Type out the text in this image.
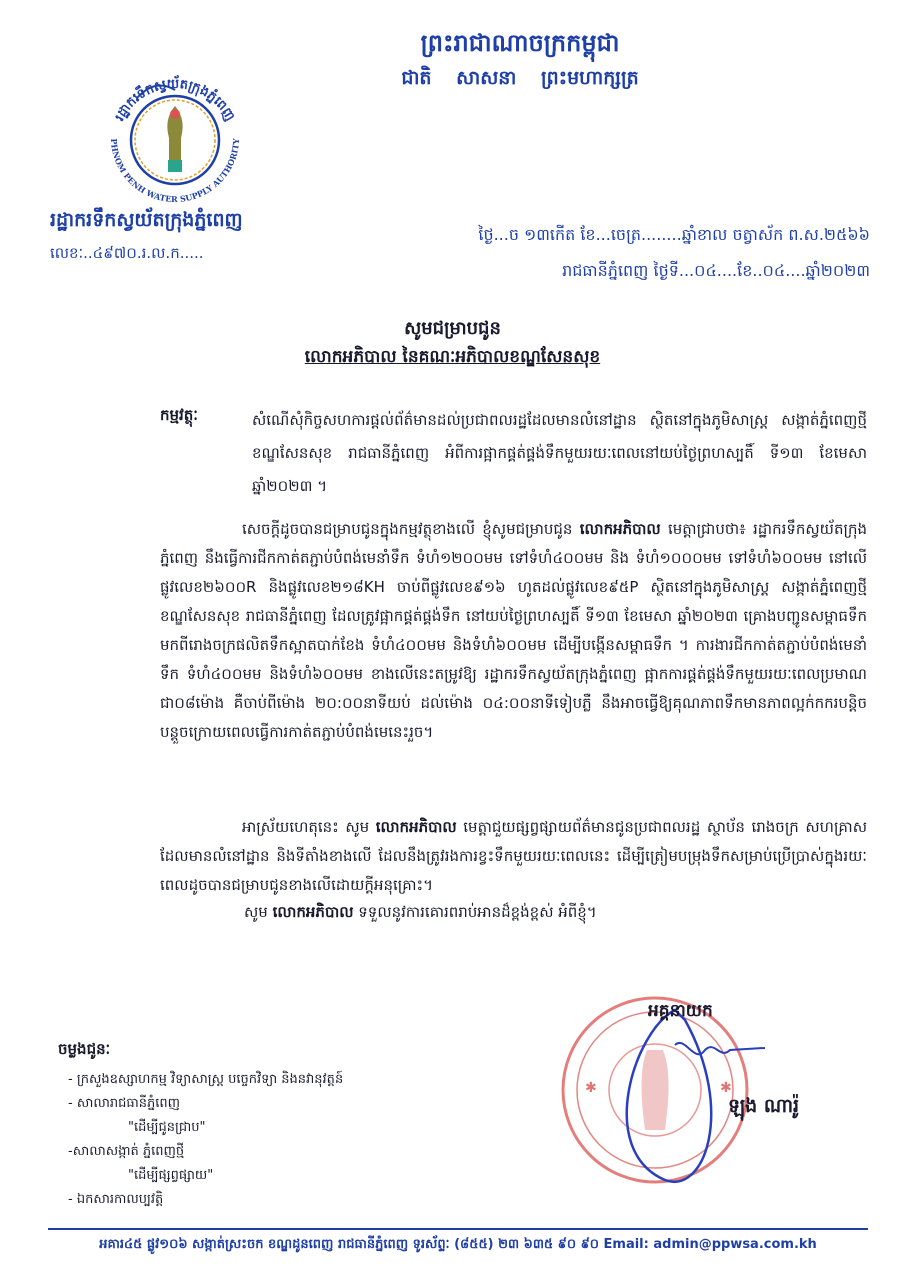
ព្រះរាជាណាចក្រកម្ពុជា
ជាតិ សាសនា ព្រះមហាក្សត្រ
រដ្ឋាករទឹកស្វយ័តក្រុងភ្នំពេញ
PHNOM PENH WATER SUPPLY AUTHORITY
រដ្ឋាករទឹកស្វយ័តក្រុងភ្នំពេញ
លេខៈ..៤៩៧០.រ.ល.ក.....
ថ្ងៃ...ច ១៣កើត ខែ...ចេត្រ........ឆ្នាំខាល ចត្វាស័ក ព.ស.២៥៦៦
រាជធានីភ្នំពេញ ថ្ងៃទី...០៤....ខែ..០៤....ឆ្នាំ២០២៣
សូមជម្រាបជូន
លោកអភិបាល នៃគណៈអភិបាលខណ្ឌសែនសុខ
កម្មវត្ថុៈ	សំណើសុំកិច្ចសហការផ្តល់ព័ត៌មានដល់ប្រជាពលរដ្ឋដែលមានលំនៅដ្ឋាន ស្ថិតនៅក្នុងភូមិសាស្ត្រ សង្កាត់ភ្នំពេញថ្មី ខណ្ឌសែនសុខ រាជធានីភ្នំពេញ អំពីការផ្អាកផ្គត់ផ្គង់ទឹកមួយរយៈពេលនៅយប់ថ្ងៃព្រហស្បតិ៍ ទី១៣ ខែមេសា ឆ្នាំ២០២៣ ។
សេចក្តីដូចបានជម្រាបជូនក្នុងកម្មវត្ថុខាងលើ ខ្ញុំសូមជម្រាបជូន លោកអភិបាល មេត្តាជ្រាបថា៖ រដ្ឋាករទឹកស្វយ័តក្រុងភ្នំពេញ នឹងធ្វើការជីកកាត់តភ្ជាប់បំពង់មេនាំទឹក ទំហំ១២០០មម ទៅទំហំ៤០០មម និង ទំហំ១០០០មម ទៅទំហំ៦០០មម នៅលើផ្លូវលេខ២៦០០R និងផ្លូវលេខ២១៨KH ចាប់ពីផ្លូវលេខ៩១៦ ហូតដល់ផ្លូវលេខ៩៥P ស្ថិតនៅក្នុងភូមិសាស្ត្រ សង្កាត់ភ្នំពេញថ្មី ខណ្ឌសែនសុខ រាជធានីភ្នំពេញ ដែលត្រូវផ្អាកផ្គត់ផ្គង់ទឹក នៅយប់ថ្ងៃព្រហស្បតិ៍ ទី១៣ ខែមេសា ឆ្នាំ២០២៣ គ្រោងបញ្ជូនសម្ពាធទឹកមកពីរោងចក្រផលិតទឹកស្អាតបាក់ខែង ទំហំ៤០០មម និងទំហំ៦០០មម ដើម្បីបង្កើនសម្ពាធទឹក ។ ការងារជីកកាត់តភ្ជាប់បំពង់មេនាំទឹក ទំហំ៤០០មម និងទំហំ៦០០មម ខាងលើនេះតម្រូវឱ្យ រដ្ឋាករទឹកស្វយ័តក្រុងភ្នំពេញ ផ្អាកការផ្គត់ផ្គង់ទឹកមួយរយៈពេលប្រមាណជា០៨ម៉ោង គឺចាប់ពីម៉ោង ២០:០០នាទីយប់ ដល់ម៉ោង ០៤:០០នាទីទៀបភ្លឺ នឹងអាចធ្វើឱ្យគុណភាពទឹកមានភាពល្អក់កករបន្តិចបន្តួចក្រោយពេលធ្វើការកាត់តភ្ជាប់បំពង់មេនេះរួច។
អាស្រ័យហេតុនេះ សូម លោកអភិបាល មេត្តាជួយផ្សព្វផ្សាយព័ត៌មានជូនប្រជាពលរដ្ឋ ស្ថាប័ន រោងចក្រ សហគ្រាស ដែលមានលំនៅដ្ឋាន និងទីតាំងខាងលើ ដែលនឹងត្រូវរងការខ្វះទឹកមួយរយៈពេលនេះ ដើម្បីត្រៀមបម្រុងទឹកសម្រាប់ប្រើប្រាស់ក្នុងរយៈពេលដូចបានជម្រាបជូនខាងលើដោយក្តីអនុគ្រោះ។
សូម លោកអភិបាល ទទួលនូវការគោរពរាប់អានដ៏ខ្ពង់ខ្ពស់ អំពីខ្ញុំ។
✱	✱
អគ្គនាយក
ឡុង ណារ៉ូ
ចម្លងជូនៈ
- ក្រសួងឧស្សាហកម្ម វិទ្យាសាស្ត្រ បច្ចេកវិទ្យា និងនវានុវត្តន៍
- សាលារាជធានីភ្នំពេញ
"ដើម្បីជូនជ្រាប"
-សាលាសង្កាត់ ភ្នំពេញថ្មី
"ដើម្បីផ្សព្វផ្សាយ"
- ឯកសារកាលប្បវត្តិ
អគារ៤៥ ផ្លូវ១០៦ សង្កាត់ស្រះចក ខណ្ឌដូនពេញ រាជធានីភ្នំពេញ ទូរស័ព្ទៈ (៨៥៥) ២៣ ៦៣៥ ៩០ ៩០ Email: admin@ppwsa.com.kh
